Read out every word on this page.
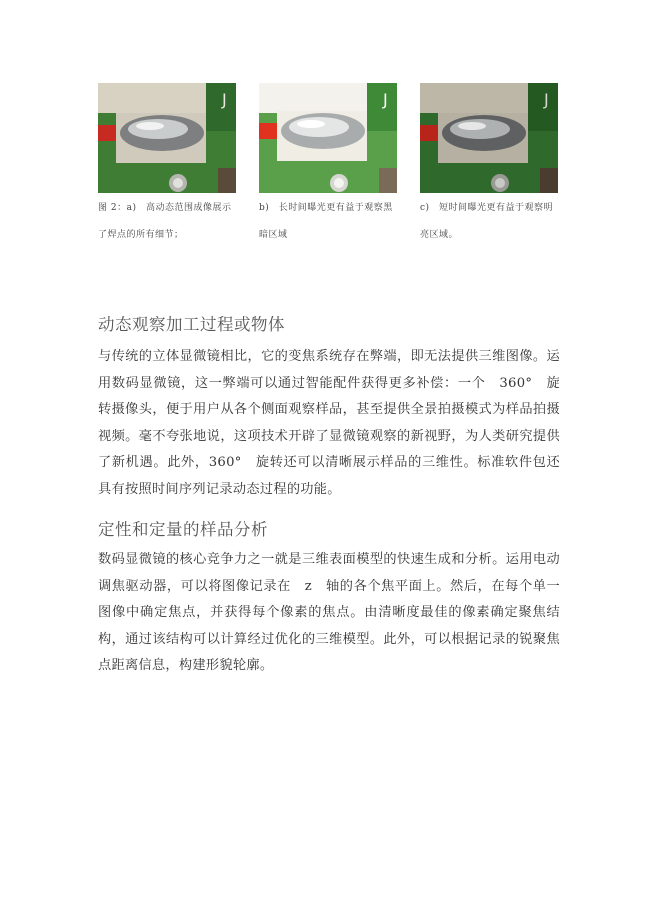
J
图 2：a)　高动态范围成像展示了焊点的所有细节；
J
b)　长时间曝光更有益于观察黑暗区域
J
c)　短时间曝光更有益于观察明亮区域。
动态观察加工过程或物体

与传统的立体显微镜相比，它的变焦系统存在弊端，即无法提供三维图像。运用数码显微镜，这一弊端可以通过智能配件获得更多补偿：一个　360°　旋转摄像头，便于用户从各个侧面观察样品，甚至提供全景拍摄模式为样品拍摄视频。毫不夸张地说，这项技术开辟了显微镜观察的新视野，为人类研究提供了新机遇。此外，360°　旋转还可以清晰展示样品的三维性。标准软件包还具有按照时间序列记录动态过程的功能。

定性和定量的样品分析

数码显微镜的核心竞争力之一就是三维表面模型的快速生成和分析。运用电动调焦驱动器，可以将图像记录在　z　轴的各个焦平面上。然后，在每个单一图像中确定焦点，并获得每个像素的焦点。由清晰度最佳的像素确定聚焦结构，通过该结构可以计算经过优化的三维模型。此外，可以根据记录的锐聚焦点距离信息，构建形貌轮廓。
